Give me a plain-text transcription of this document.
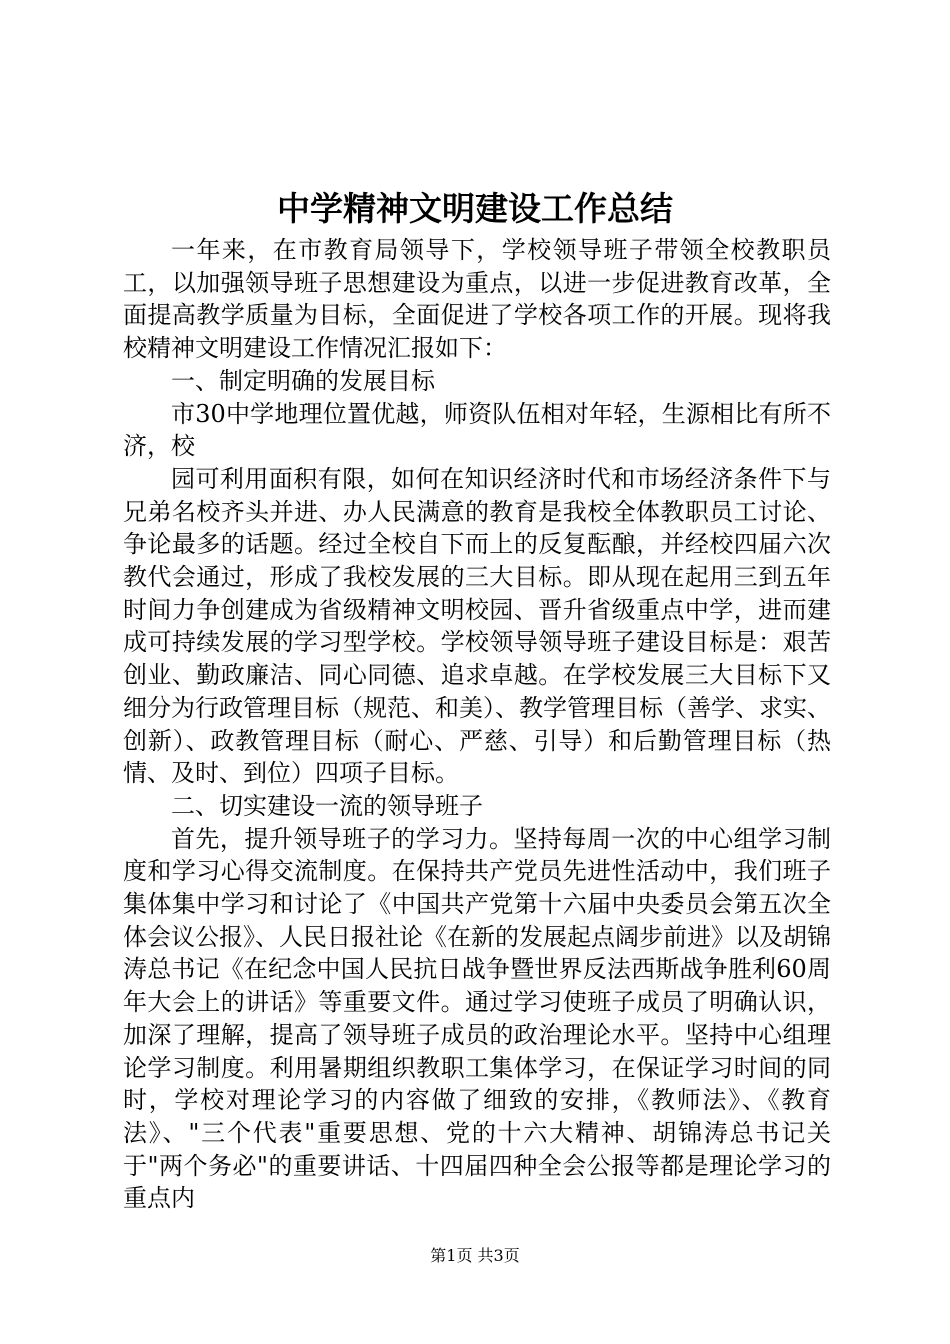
中学精神文明建设工作总结

一年来，在市教育局领导下，学校领导班子带领全校教职员工，以加强领导班子思想建设为重点，以进一步促进教育改革，全面提高教学质量为目标，全面促进了学校各项工作的开展。现将我校精神文明建设工作情况汇报如下：

一、制定明确的发展目标

市30中学地理位置优越，师资队伍相对年轻，生源相比有所不济，校

园可利用面积有限，如何在知识经济时代和市场经济条件下与兄弟名校齐头并进、办人民满意的教育是我校全体教职员工讨论、争论最多的话题。经过全校自下而上的反复酝酿，并经校四届六次教代会通过，形成了我校发展的三大目标。即从现在起用三到五年时间力争创建成为省级精神文明校园、晋升省级重点中学，进而建成可持续发展的学习型学校。学校领导领导班子建设目标是：艰苦创业、勤政廉洁、同心同德、追求卓越。在学校发展三大目标下又细分为行政管理目标（规范、和美）、教学管理目标（善学、求实、创新）、政教管理目标（耐心、严慈、引导）和后勤管理目标（热情、及时、到位）四项子目标。

二、切实建设一流的领导班子

首先，提升领导班子的学习力。坚持每周一次的中心组学习制度和学习心得交流制度。在保持共产党员先进性活动中，我们班子集体集中学习和讨论了《中国共产党第十六届中央委员会第五次全体会议公报》、人民日报社论《在新的发展起点阔步前进》以及胡锦涛总书记《在纪念中国人民抗日战争暨世界反法西斯战争胜利60周年大会上的讲话》等重要文件。通过学习使班子成员了明确认识，加深了理解，提高了领导班子成员的政治理论水平。坚持中心组理论学习制度。利用暑期组织教职工集体学习，在保证学习时间的同时，学校对理论学习的内容做了细致的安排，《教师法》、《教育法》、"三个代表"重要思想、党的十六大精神、胡锦涛总书记关于"两个务必"的重要讲话、十四届四种全会公报等都是理论学习的重点内

第1页 共3页
